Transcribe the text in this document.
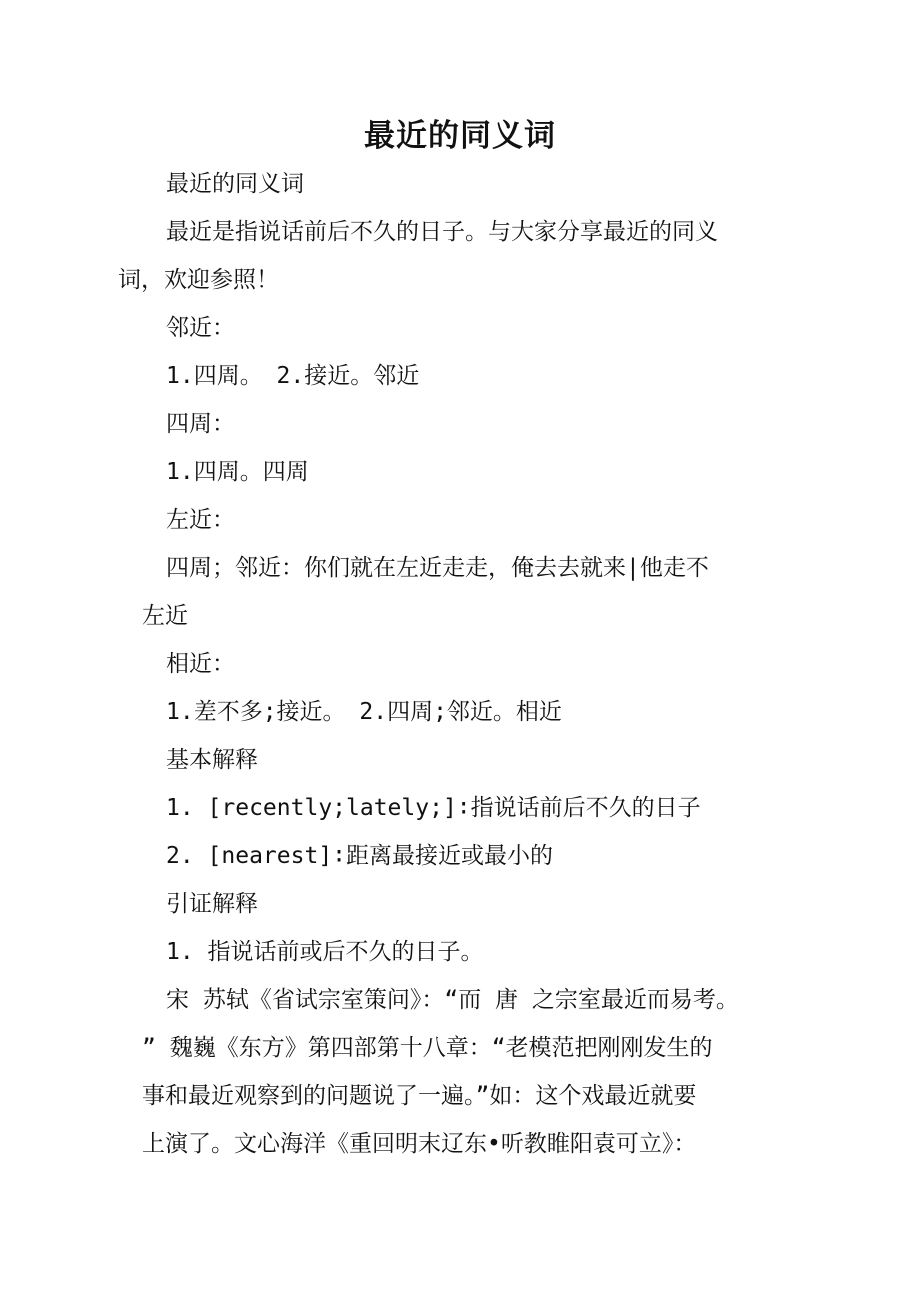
最近的同义词
最近的同义词
最近是指说话前后不久的日子。与大家分享最近的同义
词，欢迎参照！
邻近：
1.四周。 2.接近。邻近
四周：
1.四周。四周
左近：
四周；邻近：你们就在左近走走，俺去去就来|他走不
左近
相近：
1.差不多;接近。 2.四周;邻近。相近
基本解释
1. [recently;lately;]∶指说话前后不久的日子
2. [nearest]∶距离最接近或最小的
引证解释
1. 指说话前或后不久的日子。
宋 苏轼《省试宗室策问》：“而 唐 之宗室最近而易考。
” 魏巍《东方》第四部第十八章：“老模范把刚刚发生的
事和最近观察到的问题说了一遍。”如：这个戏最近就要
上演了。文心海洋《重回明末辽东•听教睢阳袁可立》：
